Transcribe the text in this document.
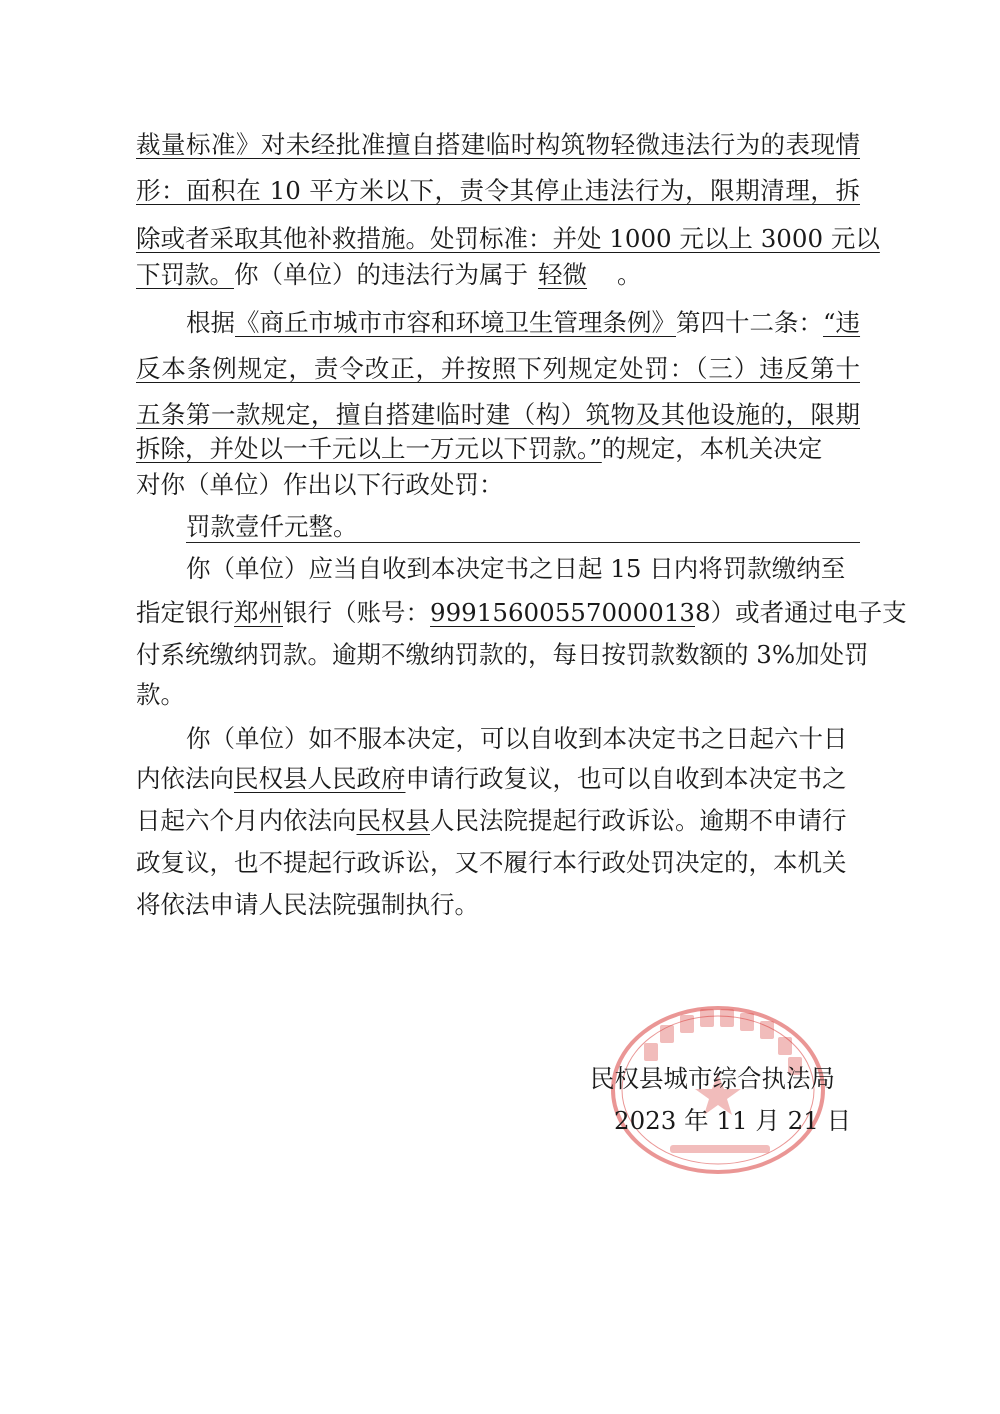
裁量标准》对未经批准擅自搭建临时构筑物轻微违法行为的表现情
形：面积在 10 平方米以下，责令其停止违法行为，限期清理，拆
除或者采取其他补救措施。处罚标准：并处 1000 元以上 3000 元以
下罚款。你（单位）的违法行为属于 轻微 。
根据《商丘市城市市容和环境卫生管理条例》第四十二条：“违
反本条例规定，责令改正，并按照下列规定处罚：（三）违反第十
五条第一款规定，擅自搭建临时建（构）筑物及其他设施的，限期
拆除，并处以一千元以上一万元以下罚款。”的规定，本机关决定
对你（单位）作出以下行政处罚：
罚款壹仟元整。
你（单位）应当自收到本决定书之日起 15 日内将罚款缴纳至
指定银行郑州银行（账号：999156005570000138）或者通过电子支
付系统缴纳罚款。逾期不缴纳罚款的，每日按罚款数额的 3%加处罚
款。
你（单位）如不服本决定，可以自收到本决定书之日起六十日
内依法向民权县人民政府申请行政复议，也可以自收到本决定书之
日起六个月内依法向民权县人民法院提起行政诉讼。逾期不申请行
政复议，也不提起行政诉讼，又不履行本行政处罚决定的，本机关
将依法申请人民法院强制执行。
民权县城市综合执法局
2023 年 11 月 21 日
